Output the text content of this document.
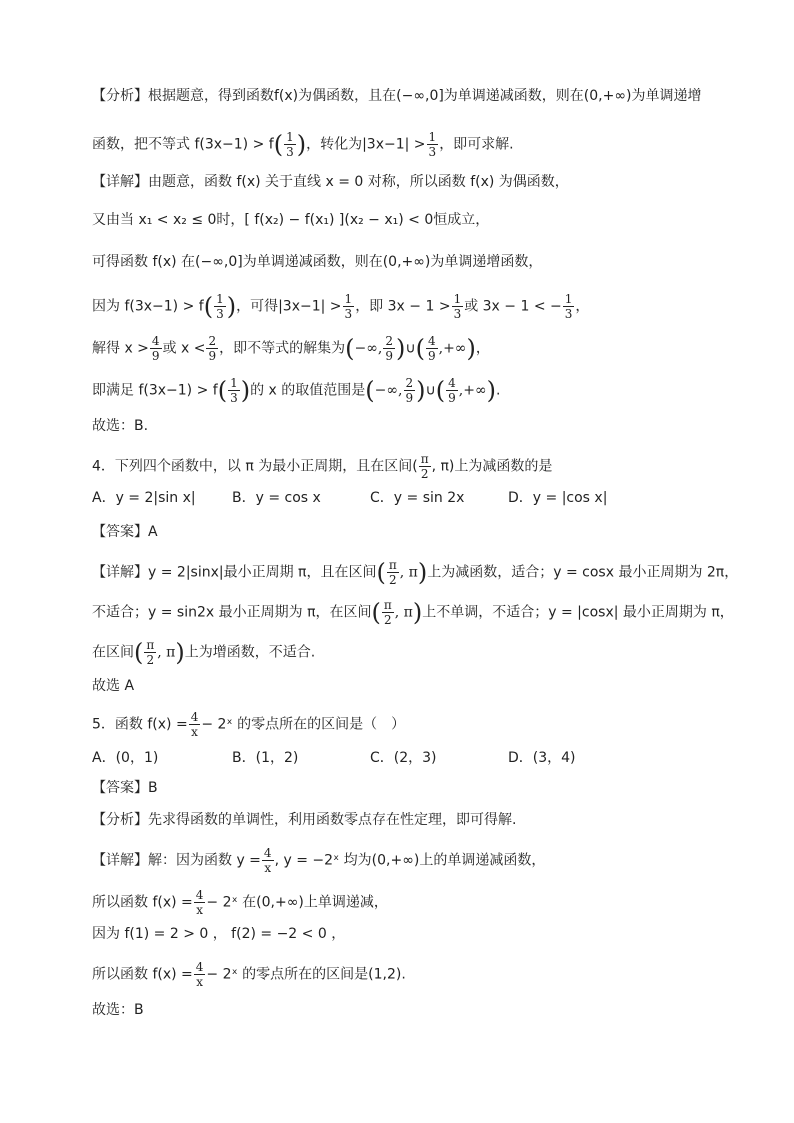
【分析】根据题意，得到函数f(x)为偶函数，且在(−∞,0]为单调递减函数，则在(0,+∞)为单调递增
函数，把不等式 $f(3x-1) > f( \frac{1}{3}$ )，转化为$|3x-1| > \frac{1}{3}$ ，即可求解.
【详解】由题意，函数 f(x) 关于直线 x = 0 对称，所以函数 f(x) 为偶函数，
又由当 x₁ < x₂ ≤ 0时，[ f(x₂) − f(x₁) ](x₂ − x₁) < 0恒成立，
可得函数 f(x) 在(−∞,0]为单调递减函数，则在(0,+∞)为单调递增函数，
因为 $f(3x-1) > f( \frac{1}{3}$ )，可得$|3x-1| > \frac{1}{3}$ ，即 $3x - 1 > \frac{1}{3}$ 或 3x − 1 < − $\frac{1}{3}$ ，
解得 $x > \frac{4}{9}$ 或 $x < \frac{2}{9}$ ，即不等式的解集为(−∞, $\frac{2}{9}$ )∪( $\frac{4}{9}$ ,+∞)，
即满足 $f(3x-1) > f( \frac{1}{3}$ )的 x 的取值范围是(−∞, $\frac{2}{9}$ )∪( $\frac{4}{9}$ ,+∞).
故选：B.
4．下列四个函数中，以 π 为最小正周期，且在区间( $\frac{\pi}{2}$ , π)上为减函数的是
A．y = 2|sin x|	B．y = cos x	C．y = sin 2x	D．y = |cos x|
【答案】A
【详解】y = 2|sinx|最小正周期 π，且在区间( $\frac{\pi}{2}$ , π)上为减函数，适合；y = cosx 最小正周期为 2π，
不适合；y = sin2x 最小正周期为 π，在区间( $\frac{\pi}{2}$ , π)上不单调，不适合；y = |cosx| 最小正周期为 π，
在区间( $\frac{\pi}{2}$ , π)上为增函数，不适合.
故选 A
5．函数 $f(x) = \frac{4}{x}$ − 2ˣ 的零点所在的区间是（　）
A．(0，1)	B．(1，2)	C．(2，3)	D．(3，4)
【答案】B
【分析】先求得函数的单调性，利用函数零点存在性定理，即可得解.
【详解】解：因为函数 $y = \frac{4}{x}$ , y = −2ˣ 均为(0,+∞)上的单调递减函数，
所以函数 $f(x) = \frac{4}{x}$ − 2ˣ 在(0,+∞)上单调递减，
因为 f(1) = 2 > 0 ， f(2) = −2 < 0 ，
所以函数 $f(x) = \frac{4}{x}$ − 2ˣ 的零点所在的区间是(1,2).
故选：B
